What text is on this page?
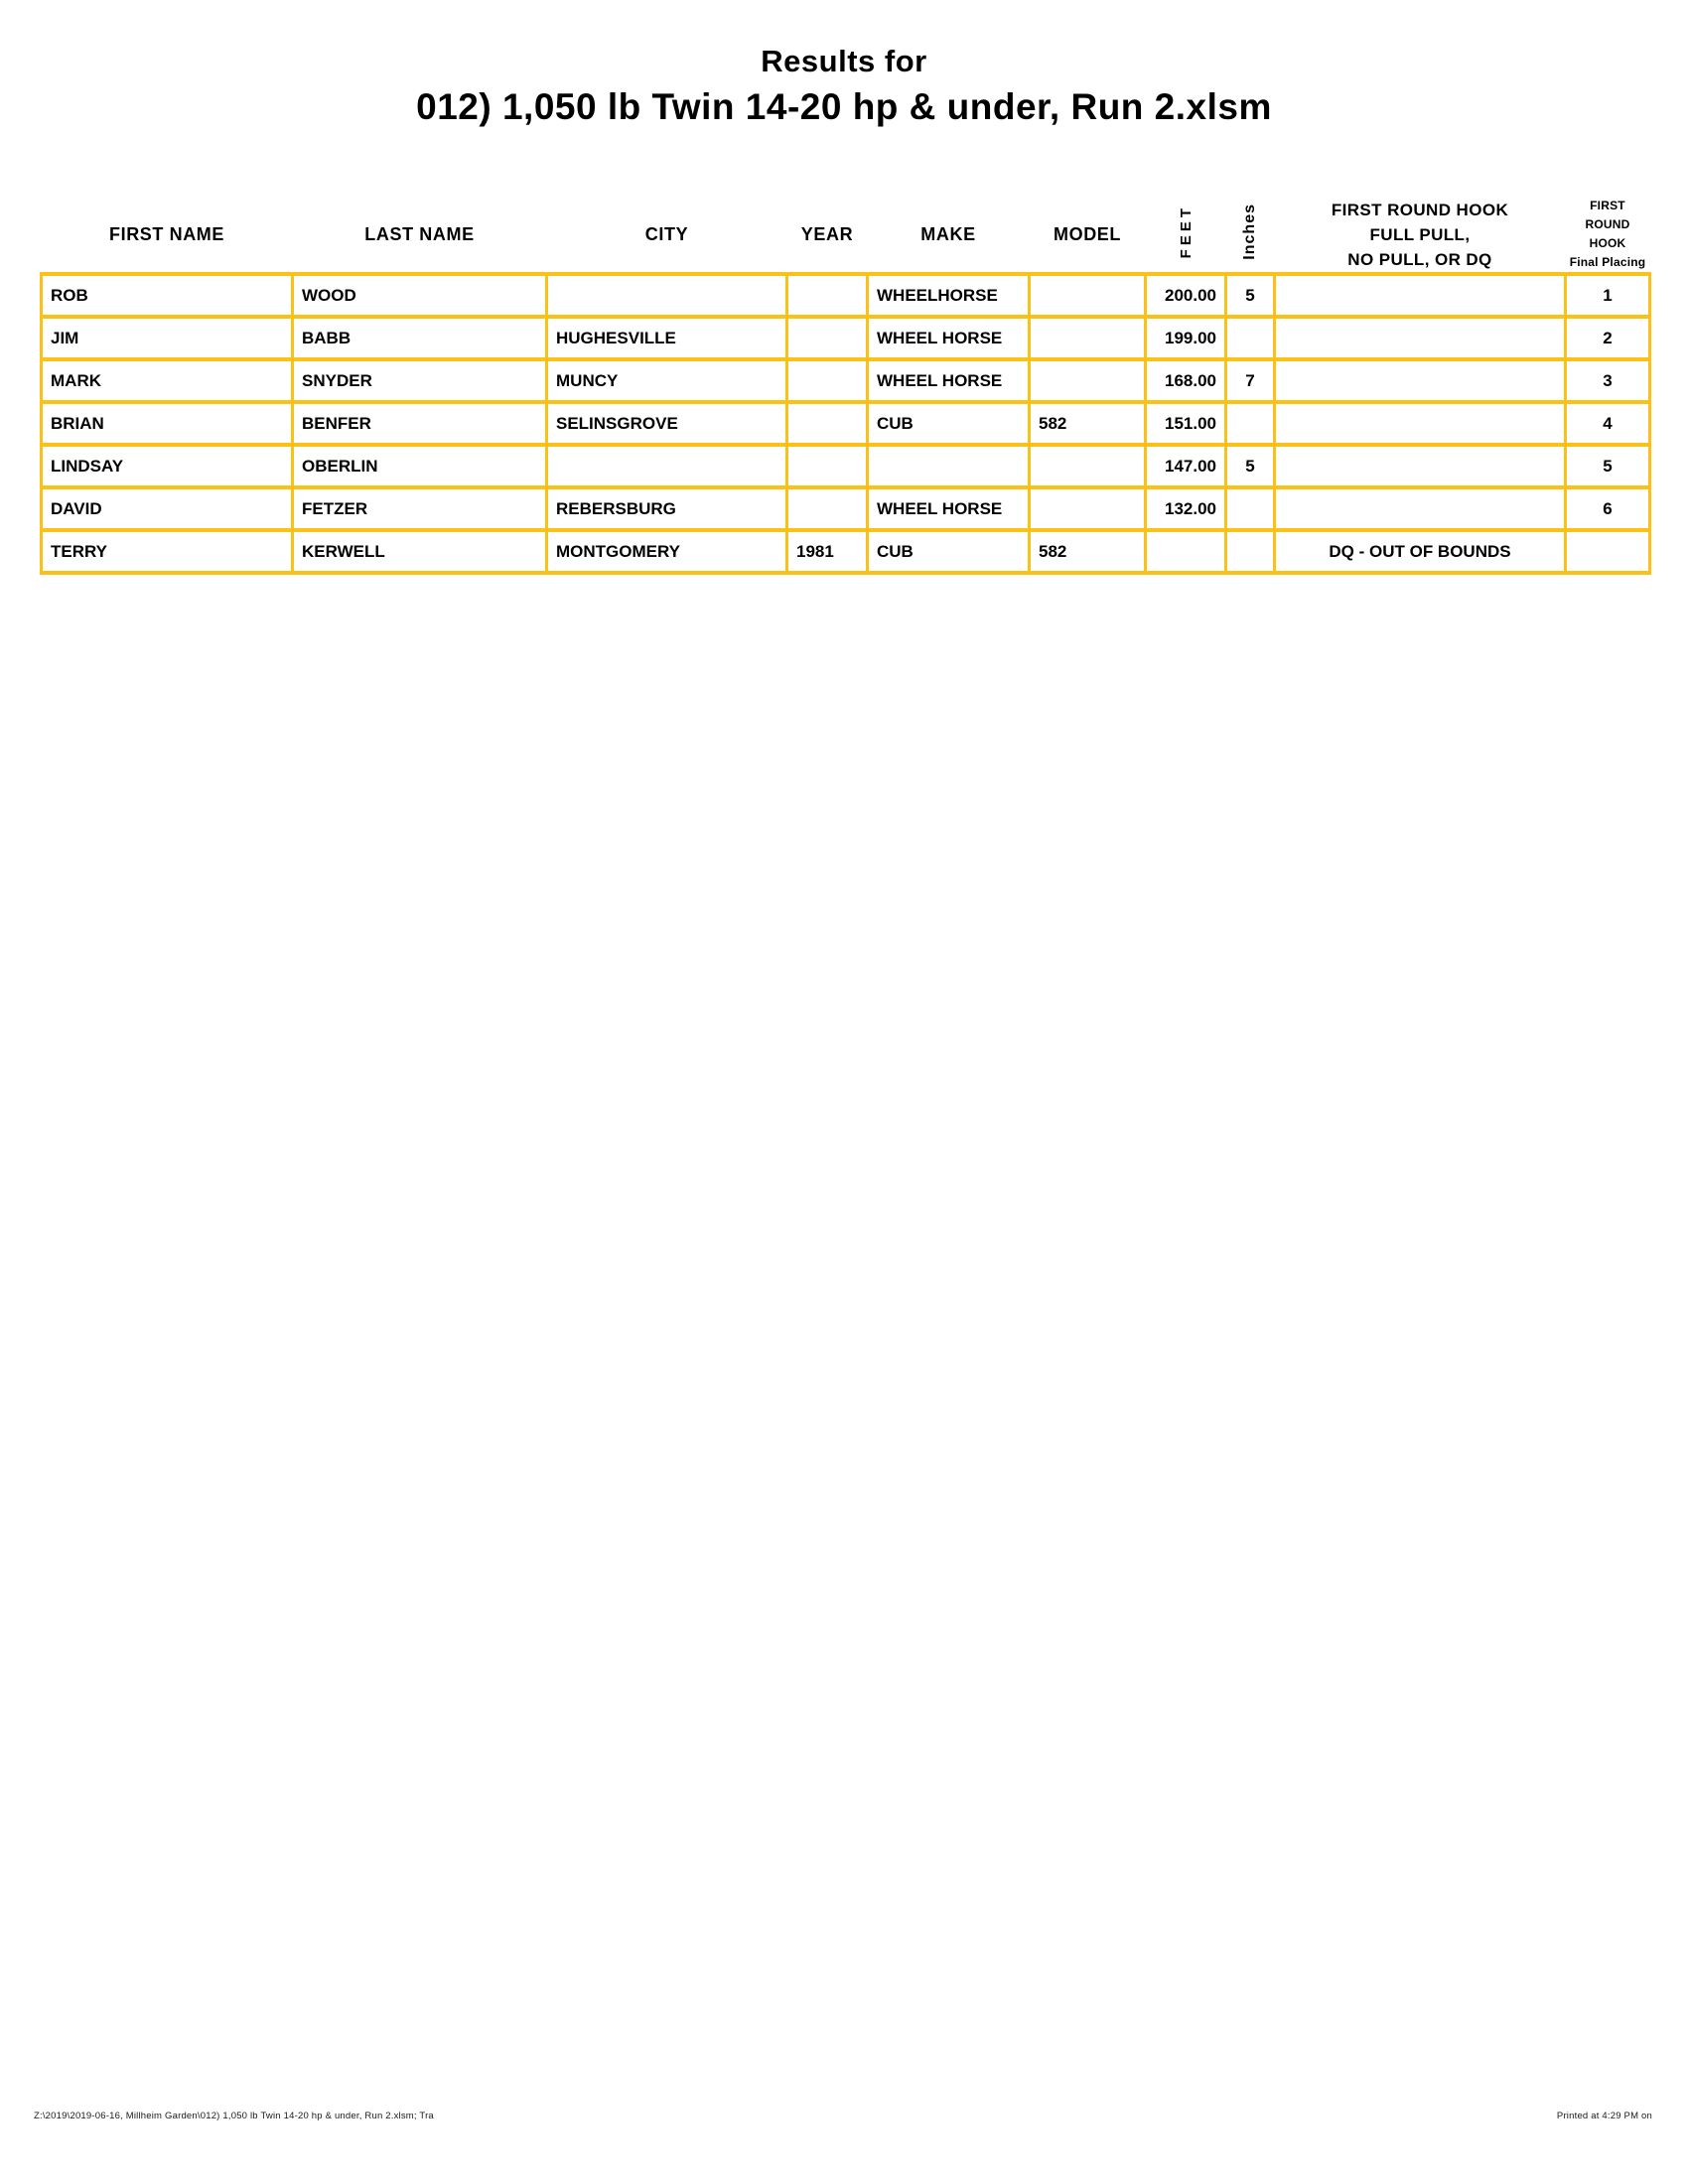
Results for
012) 1,050 lb Twin 14-20 hp & under, Run 2.xlsm
FIRST NAME	LAST NAME	CITY	YEAR	MAKE	MODEL	FEET	Inches	FIRST ROUND HOOK
FULL PULL,
NO PULL, OR DQ

FIRST ROUND
HOOK
Final Placing

ROB	WOOD			WHEELHORSE		200.00	5		1
JIM	BABB	HUGHESVILLE		WHEEL HORSE		199.00			2
MARK	SNYDER	MUNCY		WHEEL HORSE		168.00	7		3
BRIAN	BENFER	SELINSGROVE		CUB	582	151.00			4
LINDSAY	OBERLIN					147.00	5		5
DAVID	FETZER	REBERSBURG		WHEEL HORSE		132.00			6
TERRY	KERWELL	MONTGOMERY	1981	CUB	582			DQ - OUT OF BOUNDS	
Z:\2019\2019-06-16, Millheim Garden\012) 1,050 lb Twin 14-20 hp & under, Run 2.xlsm; Tra	Printed at 4:29 PM on
